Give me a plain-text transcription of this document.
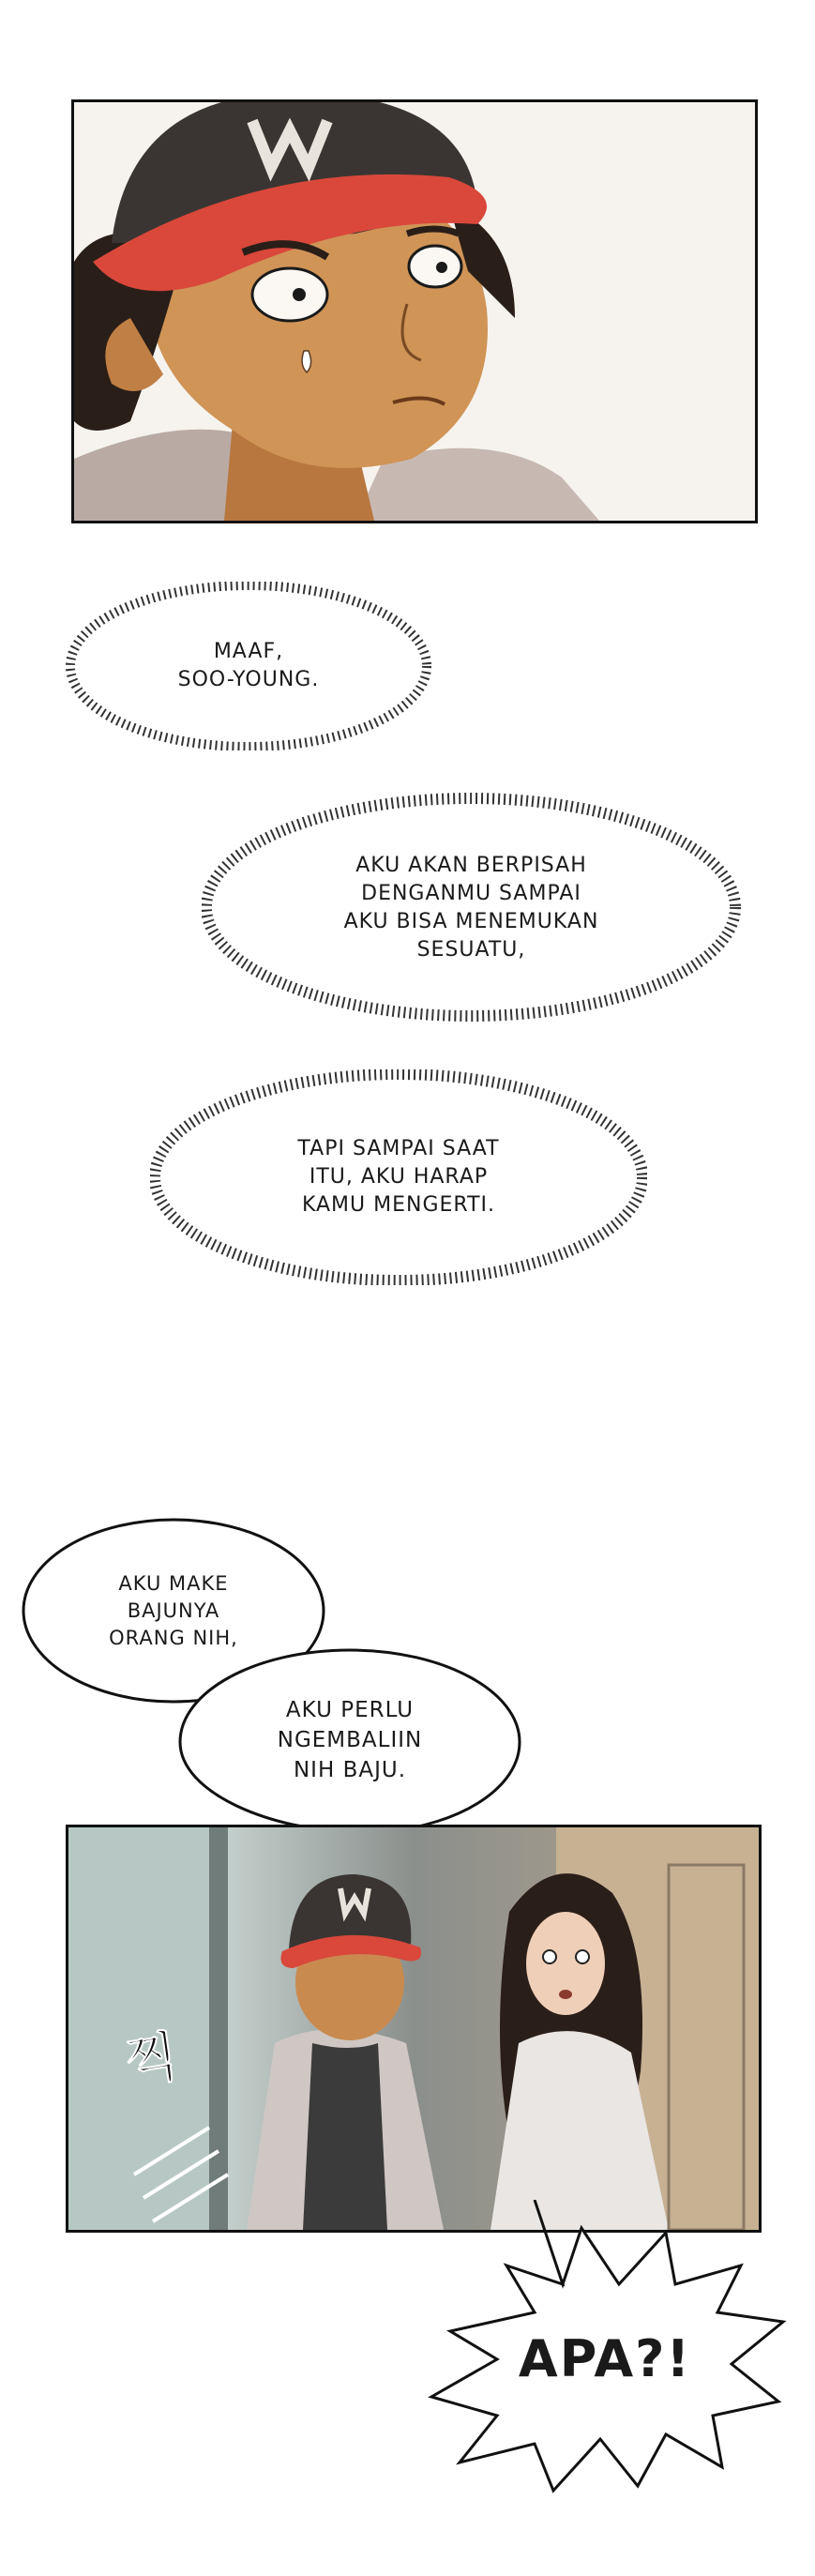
MAAF,
SOO-YOUNG.
AKU AKAN BERPISAH
DENGANMU SAMPAI
AKU BISA MENEMUKAN
SESUATU,
TAPI SAMPAI SAAT
ITU, AKU HARAP
KAMU MENGERTI.
AKU MAKE
BAJUNYA
ORANG NIH,
AKU PERLU
NGEMBALIIN
NIH BAJU.
찍
APA?!
